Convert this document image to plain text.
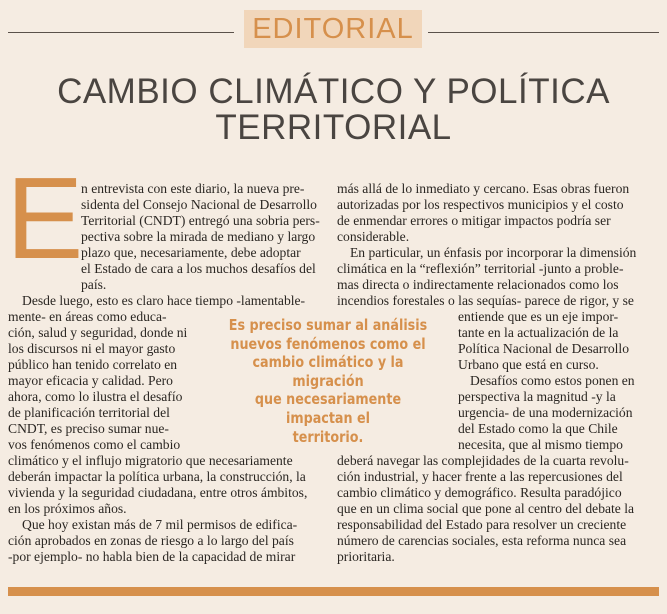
EDITORIAL
CAMBIO CLIMÁTICO Y POLÍTICA
TERRITORIAL
E
n entrevista con este diario, la nueva pre-
sidenta del Consejo Nacional de Desarrollo
Territorial (CNDT) entregó una sobria pers-
pectiva sobre la mirada de mediano y largo
plazo que, necesariamente, debe adoptar
el Estado de cara a los muchos desafíos del
país.
Desde luego, esto es claro hace tiempo -lamentable-
mente- en áreas como educa-
ción, salud y seguridad, donde ni
los discursos ni el mayor gasto
público han tenido correlato en
mayor eficacia y calidad. Pero
ahora, como lo ilustra el desafío
de planificación territorial del
CNDT, es preciso sumar nue-
vos fenómenos como el cambio
climático y el influjo migratorio que necesariamente
deberán impactar la política urbana, la construcción, la
vivienda y la seguridad ciudadana, entre otros ámbitos,
en los próximos años.
Que hoy existan más de 7 mil permisos de edifica-
ción aprobados en zonas de riesgo a lo largo del país
-por ejemplo- no habla bien de la capacidad de mirar
más allá de lo inmediato y cercano. Esas obras fueron
autorizadas por los respectivos municipios y el costo
de enmendar errores o mitigar impactos podría ser
considerable.
En particular, un énfasis por incorporar la dimensión
climática en la “reflexión” territorial -junto a proble-
mas directa o indirectamente relacionados como los
incendios forestales o las sequías- parece de rigor, y se
entiende que es un eje impor-
tante en la actualización de la
Política Nacional de Desarrollo
Urbano que está en curso.
Desafíos como estos ponen en
perspectiva la magnitud -y la
urgencia- de una modernización
del Estado como la que Chile
necesita, que al mismo tiempo
deberá navegar las complejidades de la cuarta revolu-
ción industrial, y hacer frente a las repercusiones del
cambio climático y demográfico. Resulta paradójico
que en un clima social que pone al centro del debate la
responsabilidad del Estado para resolver un creciente
número de carencias sociales, esta reforma nunca sea
prioritaria.
Es preciso sumar al análisis
nuevos fenómenos como el
cambio climático y la migración
que necesariamente impactan el
territorio.
